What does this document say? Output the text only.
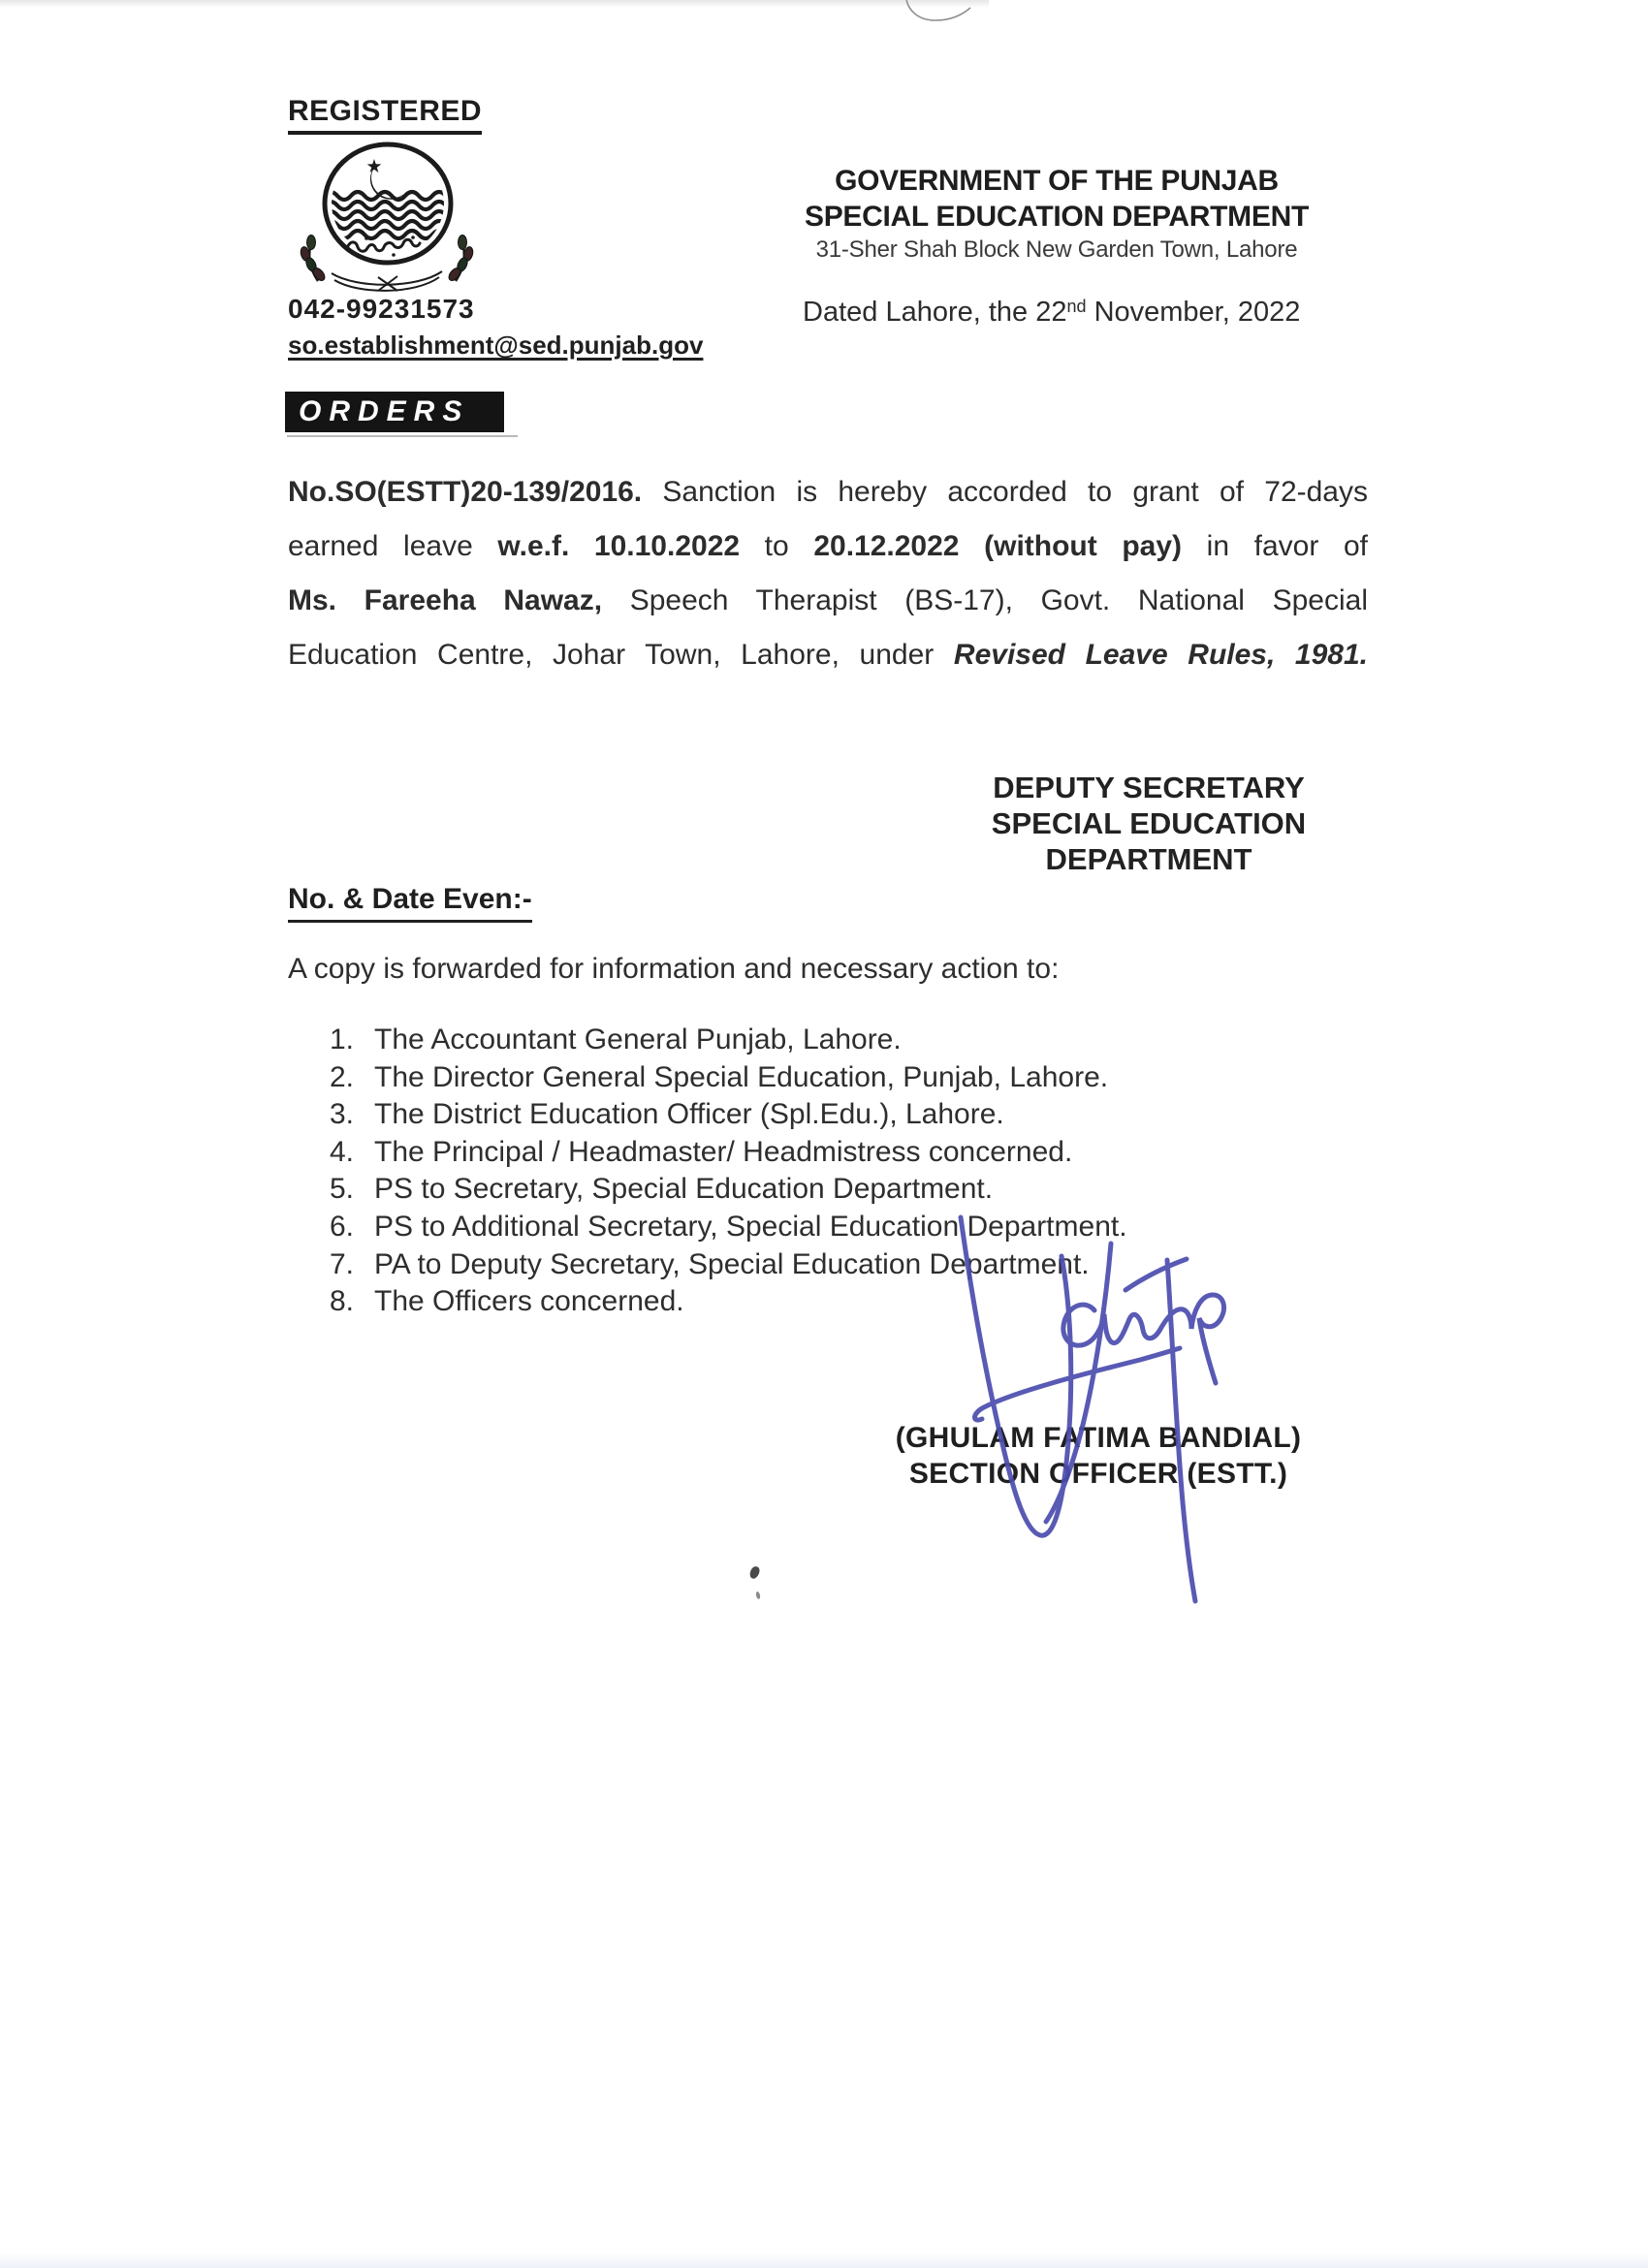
REGISTERED
042-99231573
so.establishment@sed.punjab.gov
GOVERNMENT OF THE PUNJAB
SPECIAL EDUCATION DEPARTMENT
31-Sher Shah Block New Garden Town, Lahore
Dated Lahore, the 22nd November, 2022
ORDERS
No.SO(ESTT)20-139/2016. Sanction is hereby accorded to grant of 72-days
earned leave w.e.f. 10.10.2022 to 20.12.2022 (without pay) in favor of
Ms. Fareeha Nawaz, Speech Therapist (BS-17), Govt. National Special
Education Centre, Johar Town, Lahore, under Revised Leave Rules, 1981.
DEPUTY SECRETARY
SPECIAL EDUCATION
DEPARTMENT
No. & Date Even:-
A copy is forwarded for information and necessary action to:
1. The Accountant General Punjab, Lahore.
2. The Director General Special Education, Punjab, Lahore.
3. The District Education Officer (Spl.Edu.), Lahore.
4. The Principal / Headmaster/ Headmistress concerned.
5. PS to Secretary, Special Education Department.
6. PS to Additional Secretary, Special Education Department.
7. PA to Deputy Secretary, Special Education Department.
8. The Officers concerned.
(GHULAM FATIMA BANDIAL)
SECTION OFFICER (ESTT.)
